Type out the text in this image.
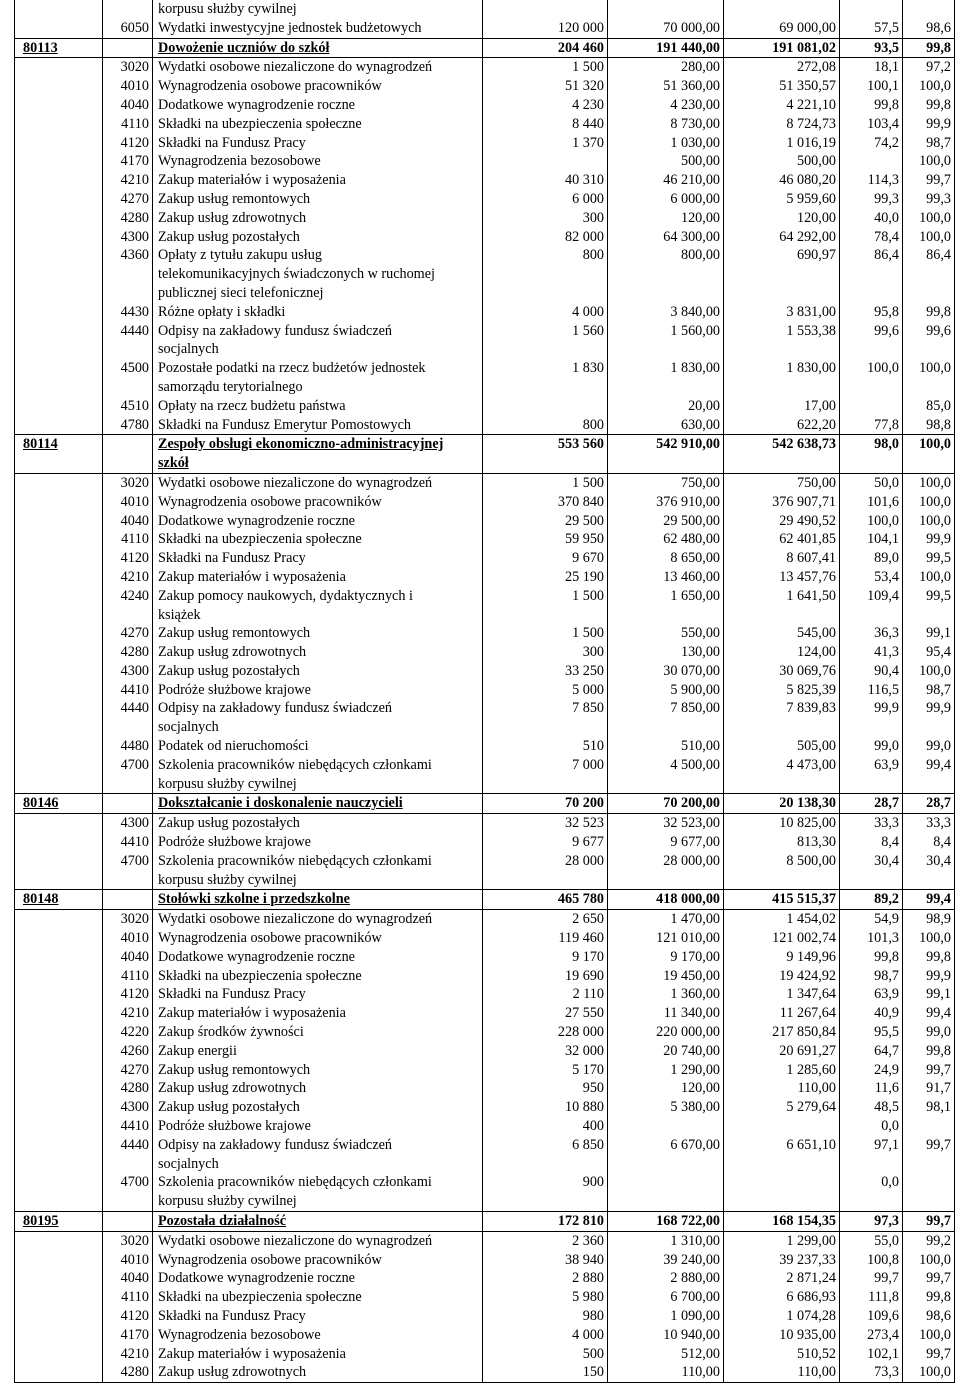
		korpusu służby cywilnej					
	6050	Wydatki inwestycyjne jednostek budżetowych	120 000	70 000,00	69 000,00	57,5	98,6
80113		Dowożenie uczniów do szkół	204 460	191 440,00	191 081,02	93,5	99,8
	3020	Wydatki osobowe niezaliczone do wynagrodzeń	1 500	280,00	272,08	18,1	97,2
	4010	Wynagrodzenia osobowe pracowników	51 320	51 360,00	51 350,57	100,1	100,0
	4040	Dodatkowe wynagrodzenie roczne	4 230	4 230,00	4 221,10	99,8	99,8
	4110	Składki na ubezpieczenia społeczne	8 440	8 730,00	8 724,73	103,4	99,9
	4120	Składki na Fundusz Pracy	1 370	1 030,00	1 016,19	74,2	98,7
	4170	Wynagrodzenia bezosobowe		500,00	500,00		100,0
	4210	Zakup materiałów i wyposażenia	40 310	46 210,00	46 080,20	114,3	99,7
	4270	Zakup usług remontowych	6 000	6 000,00	5 959,60	99,3	99,3
	4280	Zakup usług zdrowotnych	300	120,00	120,00	40,0	100,0
	4300	Zakup usług pozostałych	82 000	64 300,00	64 292,00	78,4	100,0
	4360	Opłaty z tytułu zakupu usług	800	800,00	690,97	86,4	86,4
		telekomunikacyjnych świadczonych w ruchomej					
		publicznej sieci telefonicznej					
	4430	Różne opłaty i składki	4 000	3 840,00	3 831,00	95,8	99,8
	4440	Odpisy na zakładowy fundusz świadczeń	1 560	1 560,00	1 553,38	99,6	99,6
		socjalnych					
	4500	Pozostałe podatki na rzecz budżetów jednostek	1 830	1 830,00	1 830,00	100,0	100,0
		samorządu terytorialnego					
	4510	Opłaty na rzecz budżetu państwa		20,00	17,00		85,0
	4780	Składki na Fundusz Emerytur Pomostowych	800	630,00	622,20	77,8	98,8
80114		Zespoły obsługi ekonomiczno-administracyjnej	553 560	542 910,00	542 638,73	98,0	100,0
		szkół					
	3020	Wydatki osobowe niezaliczone do wynagrodzeń	1 500	750,00	750,00	50,0	100,0
	4010	Wynagrodzenia osobowe pracowników	370 840	376 910,00	376 907,71	101,6	100,0
	4040	Dodatkowe wynagrodzenie roczne	29 500	29 500,00	29 490,52	100,0	100,0
	4110	Składki na ubezpieczenia społeczne	59 950	62 480,00	62 401,85	104,1	99,9
	4120	Składki na Fundusz Pracy	9 670	8 650,00	8 607,41	89,0	99,5
	4210	Zakup materiałów i wyposażenia	25 190	13 460,00	13 457,76	53,4	100,0
	4240	Zakup pomocy naukowych, dydaktycznych i	1 500	1 650,00	1 641,50	109,4	99,5
		książek					
	4270	Zakup usług remontowych	1 500	550,00	545,00	36,3	99,1
	4280	Zakup usług zdrowotnych	300	130,00	124,00	41,3	95,4
	4300	Zakup usług pozostałych	33 250	30 070,00	30 069,76	90,4	100,0
	4410	Podróże służbowe krajowe	5 000	5 900,00	5 825,39	116,5	98,7
	4440	Odpisy na zakładowy fundusz świadczeń	7 850	7 850,00	7 839,83	99,9	99,9
		socjalnych					
	4480	Podatek od nieruchomości	510	510,00	505,00	99,0	99,0
	4700	Szkolenia pracowników niebędących członkami	7 000	4 500,00	4 473,00	63,9	99,4
		korpusu służby cywilnej					
80146		Dokształcanie i doskonalenie nauczycieli	70 200	70 200,00	20 138,30	28,7	28,7
	4300	Zakup usług pozostałych	32 523	32 523,00	10 825,00	33,3	33,3
	4410	Podróże służbowe krajowe	9 677	9 677,00	813,30	8,4	8,4
	4700	Szkolenia pracowników niebędących członkami	28 000	28 000,00	8 500,00	30,4	30,4
		korpusu służby cywilnej					
80148		Stołówki szkolne i przedszkolne	465 780	418 000,00	415 515,37	89,2	99,4
	3020	Wydatki osobowe niezaliczone do wynagrodzeń	2 650	1 470,00	1 454,02	54,9	98,9
	4010	Wynagrodzenia osobowe pracowników	119 460	121 010,00	121 002,74	101,3	100,0
	4040	Dodatkowe wynagrodzenie roczne	9 170	9 170,00	9 149,96	99,8	99,8
	4110	Składki na ubezpieczenia społeczne	19 690	19 450,00	19 424,92	98,7	99,9
	4120	Składki na Fundusz Pracy	2 110	1 360,00	1 347,64	63,9	99,1
	4210	Zakup materiałów i wyposażenia	27 550	11 340,00	11 267,64	40,9	99,4
	4220	Zakup środków żywności	228 000	220 000,00	217 850,84	95,5	99,0
	4260	Zakup energii	32 000	20 740,00	20 691,27	64,7	99,8
	4270	Zakup usług remontowych	5 170	1 290,00	1 285,60	24,9	99,7
	4280	Zakup usług zdrowotnych	950	120,00	110,00	11,6	91,7
	4300	Zakup usług pozostałych	10 880	5 380,00	5 279,64	48,5	98,1
	4410	Podróże służbowe krajowe	400			0,0	
	4440	Odpisy na zakładowy fundusz świadczeń	6 850	6 670,00	6 651,10	97,1	99,7
		socjalnych					
	4700	Szkolenia pracowników niebędących członkami	900			0,0	
		korpusu służby cywilnej					
80195		Pozostała działalność	172 810	168 722,00	168 154,35	97,3	99,7
	3020	Wydatki osobowe niezaliczone do wynagrodzeń	2 360	1 310,00	1 299,00	55,0	99,2
	4010	Wynagrodzenia osobowe pracowników	38 940	39 240,00	39 237,33	100,8	100,0
	4040	Dodatkowe wynagrodzenie roczne	2 880	2 880,00	2 871,24	99,7	99,7
	4110	Składki na ubezpieczenia społeczne	5 980	6 700,00	6 686,93	111,8	99,8
	4120	Składki na Fundusz Pracy	980	1 090,00	1 074,28	109,6	98,6
	4170	Wynagrodzenia bezosobowe	4 000	10 940,00	10 935,00	273,4	100,0
	4210	Zakup materiałów i wyposażenia	500	512,00	510,52	102,1	99,7
	4280	Zakup usług zdrowotnych	150	110,00	110,00	73,3	100,0
